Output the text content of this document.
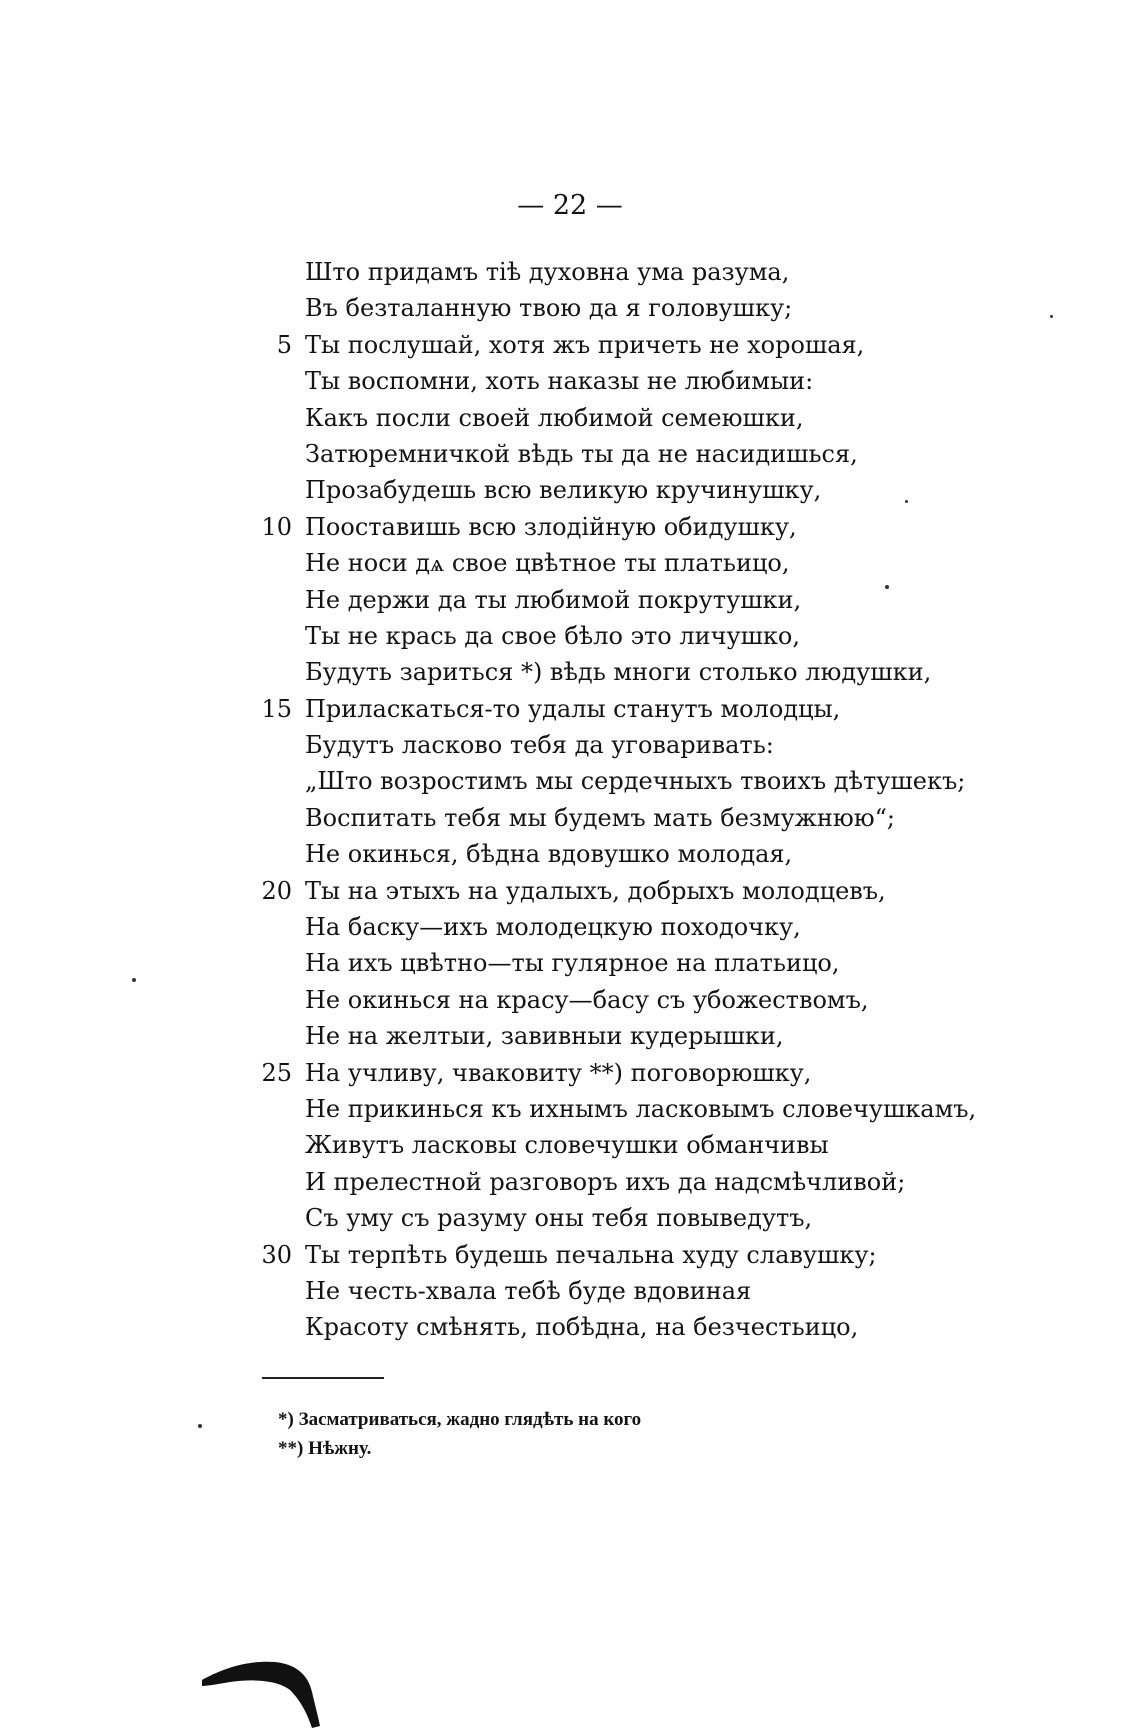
— 22 —
Што придамъ тіѣ духовна ума разума,
Въ безталанную твою да я головушку;
5 Ты послушай, хотя жъ причеть не хорошая,
Ты воспомни, хоть наказы не любимыи:
Какъ посли своей любимой семеюшки,
Затюремничкой вѣдь ты да не насидишься,
Прозабудешь всю великую кручинушку,
10 Поoставишь всю злодійную обидушку,
Не носи дѧ свое цвѣтное ты платьицо,
Не держи да ты любимой покрутушки,
Ты не крась да свое бѣло это личушко,
Будуть зариться *) вѣдь многи столько людушки,
15 Приласкаться-то удалы станутъ молодцы,
Будутъ ласково тебя да уговаривать:
„Што возростимъ мы сердечныхъ твоихъ дѣтушекъ;
Воспитать тебя мы будемъ мать безмужнюю“;
Не окинься, бѣдна вдовушко молодая,
20 Ты на этыхъ на удалыхъ, добрыхъ молодцевъ,
На баску—ихъ молодецкую походочку,
На ихъ цвѣтно—ты гулярное на платьицо,
Не окинься на красу—басу съ убожествомъ,
Не на желтыи, завивныи кудерышки,
25 На учливу, чваковиту **) поговорюшку,
Не прикинься къ ихнымъ ласковымъ словечушкамъ,
Живутъ ласковы словечушки обманчивы
И прелестной разговоръ ихъ да надсмѣчливой;
Съ уму съ разуму оны тебя повыведутъ,
30 Ты терпѣть будешь печальна худу славушку;
Не честь-хвала тебѣ буде вдовиная
Красоту смѣнять, побѣдна, на безчестьицо,
*) Засматриваться, жадно глядѣть на кого
**) Нѣжну.
